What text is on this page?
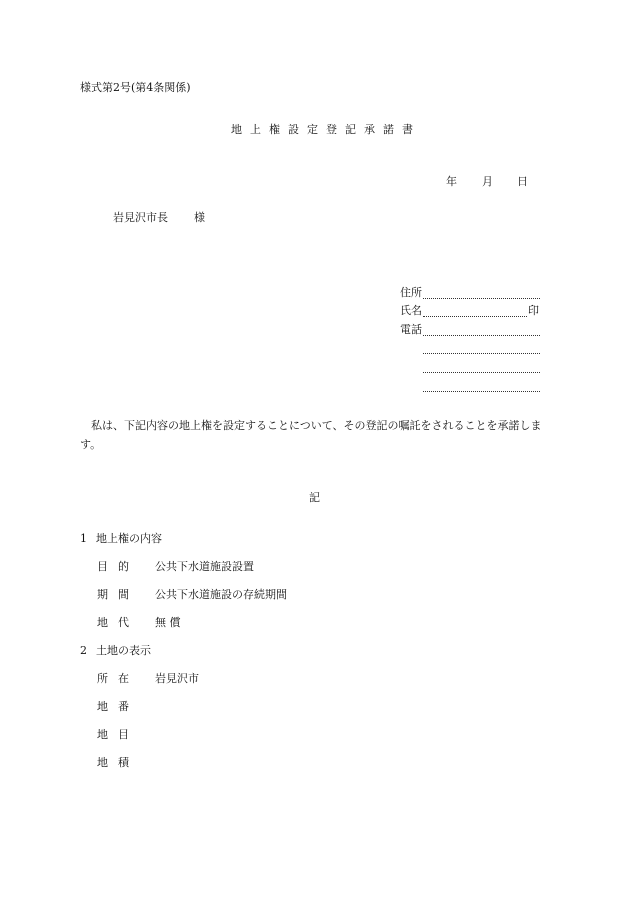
様式第2号(第4条関係)
地 上 権 設 定 登 記 承 諾 書
年 月 日
岩見沢市長 様
住所
氏名	印
電話
私は、下記内容の地上権を設定することについて、その登記の嘱託をされることを承諾します。
記
1 地上権の内容
目 的 公共下水道施設設置
期 間 公共下水道施設の存続期間
地 代 無 償
2 土地の表示
所 在 岩見沢市
地 番
地 目
地 積
